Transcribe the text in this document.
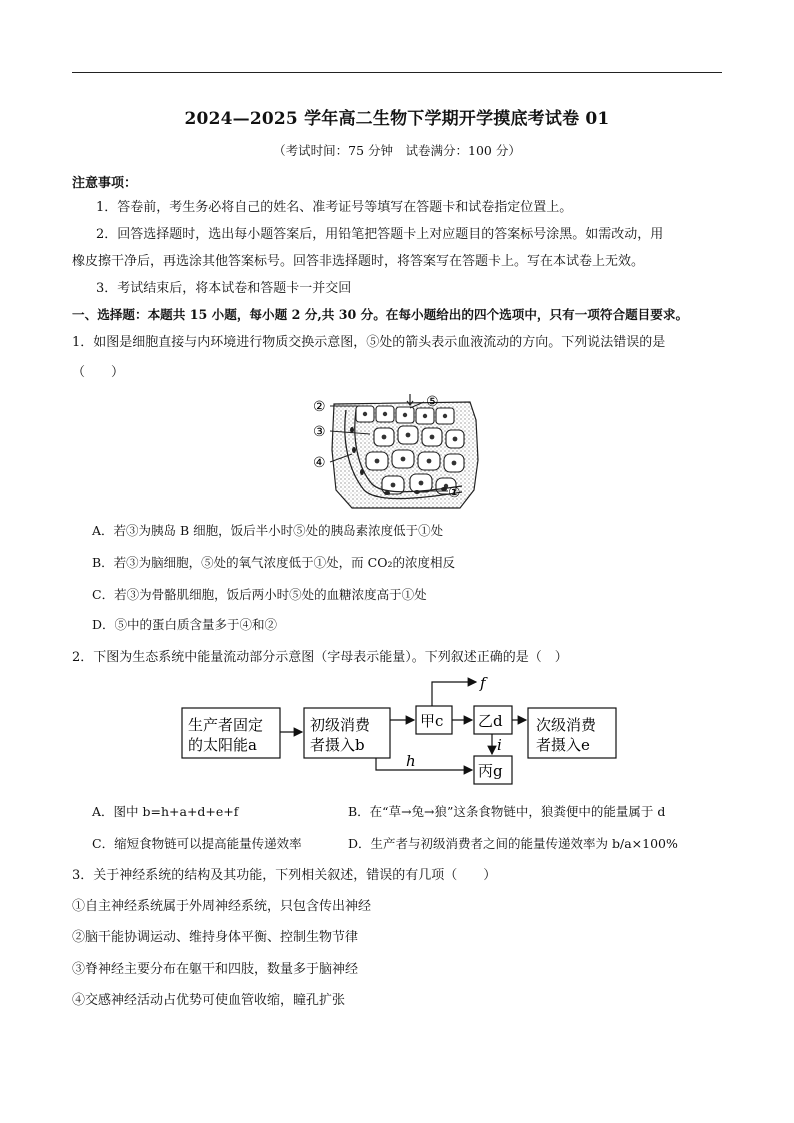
2024—2025 学年高二生物下学期开学摸底考试卷 01
（考试时间：75 分钟　试卷满分：100 分）
注意事项：
1．答卷前，考生务必将自己的姓名、准考证号等填写在答题卡和试卷指定位置上。
2．回答选择题时，选出每小题答案后，用铅笔把答题卡上对应题目的答案标号涂黑。如需改动，用
橡皮擦干净后，再选涂其他答案标号。回答非选择题时，将答案写在答题卡上。写在本试卷上无效。
3．考试结束后，将本试卷和答题卡一并交回
一、选择题：本题共 15 小题，每小题 2 分,共 30 分。在每小题给出的四个选项中，只有一项符合题目要求。
1．如图是细胞直接与内环境进行物质交换示意图，⑤处的箭头表示血液流动的方向。下列说法错误的是
（　　）
②
③
④
⑤
①
A．若③为胰岛 B 细胞，饭后半小时⑤处的胰岛素浓度低于①处
B．若③为脑细胞，⑤处的氧气浓度低于①处，而 CO₂的浓度相反
C．若③为骨骼肌细胞，饭后两小时⑤处的血糖浓度高于①处
D．⑤中的蛋白质含量多于④和②
2．下图为生态系统中能量流动部分示意图（字母表示能量）。下列叙述正确的是（　）
生产者固定
的太阳能a
初级消费
者摄入b
甲c 乙d 次级消费
者摄入e
丙g
f
h
i
A．图中 b=h+a+d+e+f	B．在“草→兔→狼”这条食物链中，狼粪便中的能量属于 d
C．缩短食物链可以提高能量传递效率	D．生产者与初级消费者之间的能量传递效率为 b/a×100%
3．关于神经系统的结构及其功能，下列相关叙述，错误的有几项（　　）
①自主神经系统属于外周神经系统，只包含传出神经
②脑干能协调运动、维持身体平衡、控制生物节律
③脊神经主要分布在躯干和四肢，数量多于脑神经
④交感神经活动占优势可使血管收缩，瞳孔扩张
